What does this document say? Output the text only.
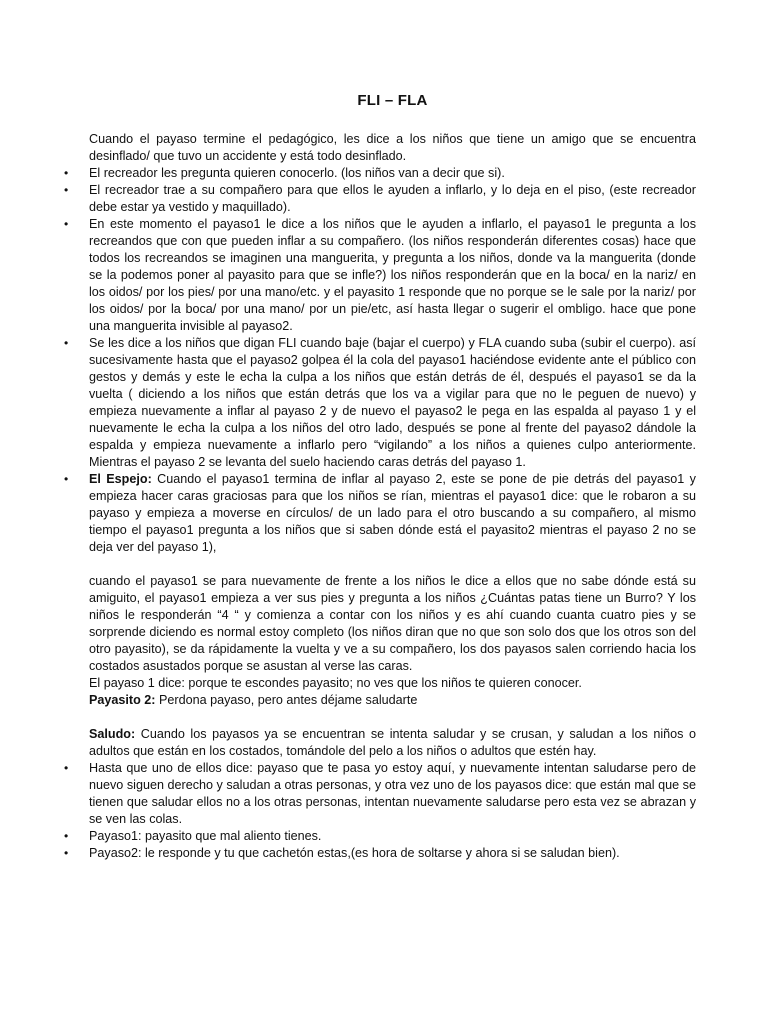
FLI – FLA

Cuando el payaso termine el pedagógico, les dice a los niños que tiene un amigo que se encuentra desinflado/ que tuvo un accidente y está todo desinflado.

• El recreador les pregunta quieren conocerlo. (los niños van a decir que si).
• El recreador trae a su compañero para que ellos le ayuden a inflarlo, y lo deja en el piso, (este recreador debe estar ya vestido y maquillado).
• En este momento el payaso1 le dice a los niños que le ayuden a inflarlo, el payaso1 le pregunta a los recreandos que con que pueden inflar a su compañero. (los niños responderán diferentes cosas) hace que todos los recreandos se imaginen una manguerita, y pregunta a los niños, donde va la manguerita (donde se la podemos poner al payasito para que se infle?) los niños responderán que en la boca/ en la nariz/ en los oidos/ por los pies/ por una mano/etc. y el payasito 1 responde que no porque se le sale por la nariz/ por los oidos/ por la boca/ por una mano/ por un pie/etc, así hasta llegar o sugerir el ombligo. hace que pone una manguerita invisible al payaso2.
• Se les dice a los niños que digan FLI cuando baje (bajar el cuerpo) y FLA cuando suba (subir el cuerpo). así sucesivamente hasta que el payaso2 golpea él la cola del payaso1 haciéndose evidente ante el público con gestos y demás y este le echa la culpa a los niños que están detrás de él, después el payaso1 se da la vuelta ( diciendo a los niños que están detrás que los va a vigilar para que no le peguen de nuevo) y empieza nuevamente a inflar al payaso 2 y de nuevo el payaso2 le pega en las espalda al payaso 1 y el nuevamente le echa la culpa a los niños del otro lado, después se pone al frente del payaso2 dándole la espalda y empieza nuevamente a inflarlo pero “vigilando” a los niños a quienes culpo anteriormente. Mientras el payaso 2 se levanta del suelo haciendo caras detrás del payaso 1.
• El Espejo: Cuando el payaso1 termina de inflar al payaso 2, este se pone de pie detrás del payaso1 y empieza hacer caras graciosas para que los niños se rían, mientras el payaso1 dice: que le robaron a su payaso y empieza a moverse en círculos/ de un lado para el otro buscando a su compañero, al mismo tiempo el payaso1 pregunta a los niños que si saben dónde está el payasito2 mientras el payaso 2 no se deja ver del payaso 1),

cuando el payaso1 se para nuevamente de frente a los niños le dice a ellos que no sabe dónde está su amiguito, el payaso1 empieza a ver sus pies y pregunta a los niños ¿Cuántas patas tiene un Burro? Y los niños le responderán “4 “ y comienza a contar con los niños y es ahí cuando cuanta cuatro pies y se sorprende diciendo es normal estoy completo (los niños diran que no que son solo dos que los otros son del otro payasito), se da rápidamente la vuelta y ve a su compañero, los dos payasos salen corriendo hacia los costados asustados porque se asustan al verse las caras.

El payaso 1 dice: porque te escondes payasito; no ves que los niños te quieren conocer.

Payasito 2: Perdona payaso, pero antes déjame saludarte

Saludo: Cuando los payasos ya se encuentran se intenta saludar y se crusan, y saludan a los niños o adultos que están en los costados, tomándole del pelo a los niños o adultos que estén hay.

• Hasta que uno de ellos dice: payaso que te pasa yo estoy aquí, y nuevamente intentan saludarse pero de nuevo siguen derecho y saludan a otras personas, y otra vez uno de los payasos dice: que están mal que se tienen que saludar ellos no a los otras personas, intentan nuevamente saludarse pero esta vez se abrazan y se ven las colas.
• Payaso1: payasito que mal aliento tienes.
• Payaso2: le responde y tu que cachetón estas,(es hora de soltarse y ahora si se saludan bien).
